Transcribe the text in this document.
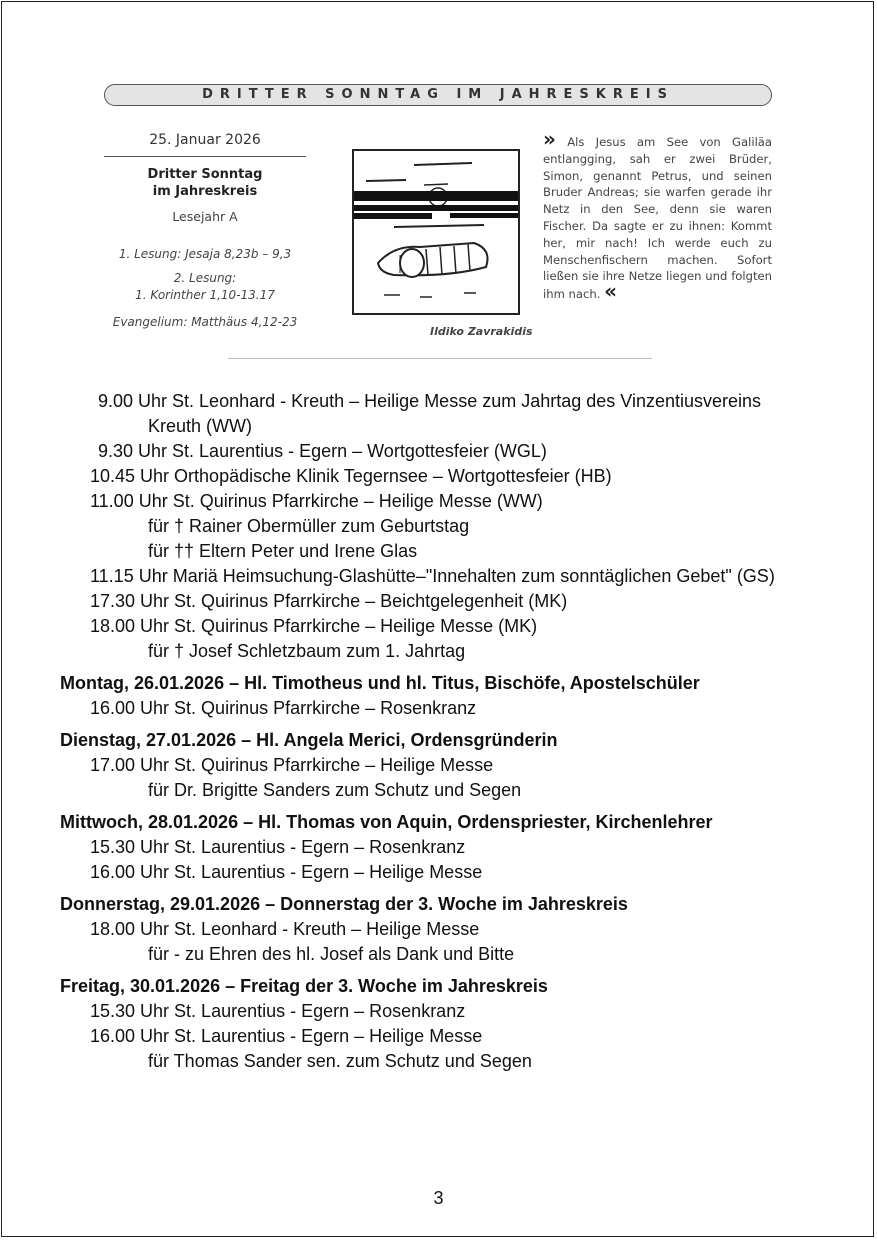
DRITTER SONNTAG IM JAHRESKREIS
25. Januar 2026
Dritter Sonntag
im Jahreskreis
Lesejahr A
1. Lesung: Jesaja 8,23b – 9,3
2. Lesung:
1. Korinther 1,10-13.17
Evangelium: Matthäus 4,12-23
Ildiko Zavrakidis
» Als Jesus am See von Galiläa entlangging, sah er zwei Brüder, Simon, genannt Petrus, und seinen Bruder Andreas; sie warfen gerade ihr Netz in den See, denn sie waren Fischer. Da sagte er zu ihnen: Kommt her, mir nach! Ich werde euch zu Menschenfischern machen. Sofort ließen sie ihre Netze liegen und folgten ihm nach. «
9.00 Uhr St. Leonhard - Kreuth – Heilige Messe zum Jahrtag des Vinzentiusvereins
Kreuth (WW)
9.30 Uhr St. Laurentius - Egern – Wortgottesfeier (WGL)
10.45 Uhr Orthopädische Klinik Tegernsee – Wortgottesfeier (HB)
11.00 Uhr St. Quirinus Pfarrkirche – Heilige Messe (WW)
für † Rainer Obermüller zum Geburtstag
für †† Eltern Peter und Irene Glas
11.15 Uhr Mariä Heimsuchung-Glashütte–"Innehalten zum sonntäglichen Gebet" (GS)
17.30 Uhr St. Quirinus Pfarrkirche – Beichtgelegenheit (MK)
18.00 Uhr St. Quirinus Pfarrkirche – Heilige Messe (MK)
für † Josef Schletzbaum zum 1. Jahrtag
Montag, 26.01.2026 – Hl. Timotheus und hl. Titus, Bischöfe, Apostelschüler
16.00 Uhr St. Quirinus Pfarrkirche – Rosenkranz
Dienstag, 27.01.2026 – Hl. Angela Merici, Ordensgründerin
17.00 Uhr St. Quirinus Pfarrkirche – Heilige Messe
für Dr. Brigitte Sanders zum Schutz und Segen
Mittwoch, 28.01.2026 – Hl. Thomas von Aquin, Ordenspriester, Kirchenlehrer
15.30 Uhr St. Laurentius - Egern – Rosenkranz
16.00 Uhr St. Laurentius - Egern – Heilige Messe
Donnerstag, 29.01.2026 – Donnerstag der 3. Woche im Jahreskreis
18.00 Uhr St. Leonhard - Kreuth – Heilige Messe
für - zu Ehren des hl. Josef als Dank und Bitte
Freitag, 30.01.2026 – Freitag der 3. Woche im Jahreskreis
15.30 Uhr St. Laurentius - Egern – Rosenkranz
16.00 Uhr St. Laurentius - Egern – Heilige Messe
für Thomas Sander sen. zum Schutz und Segen
3
